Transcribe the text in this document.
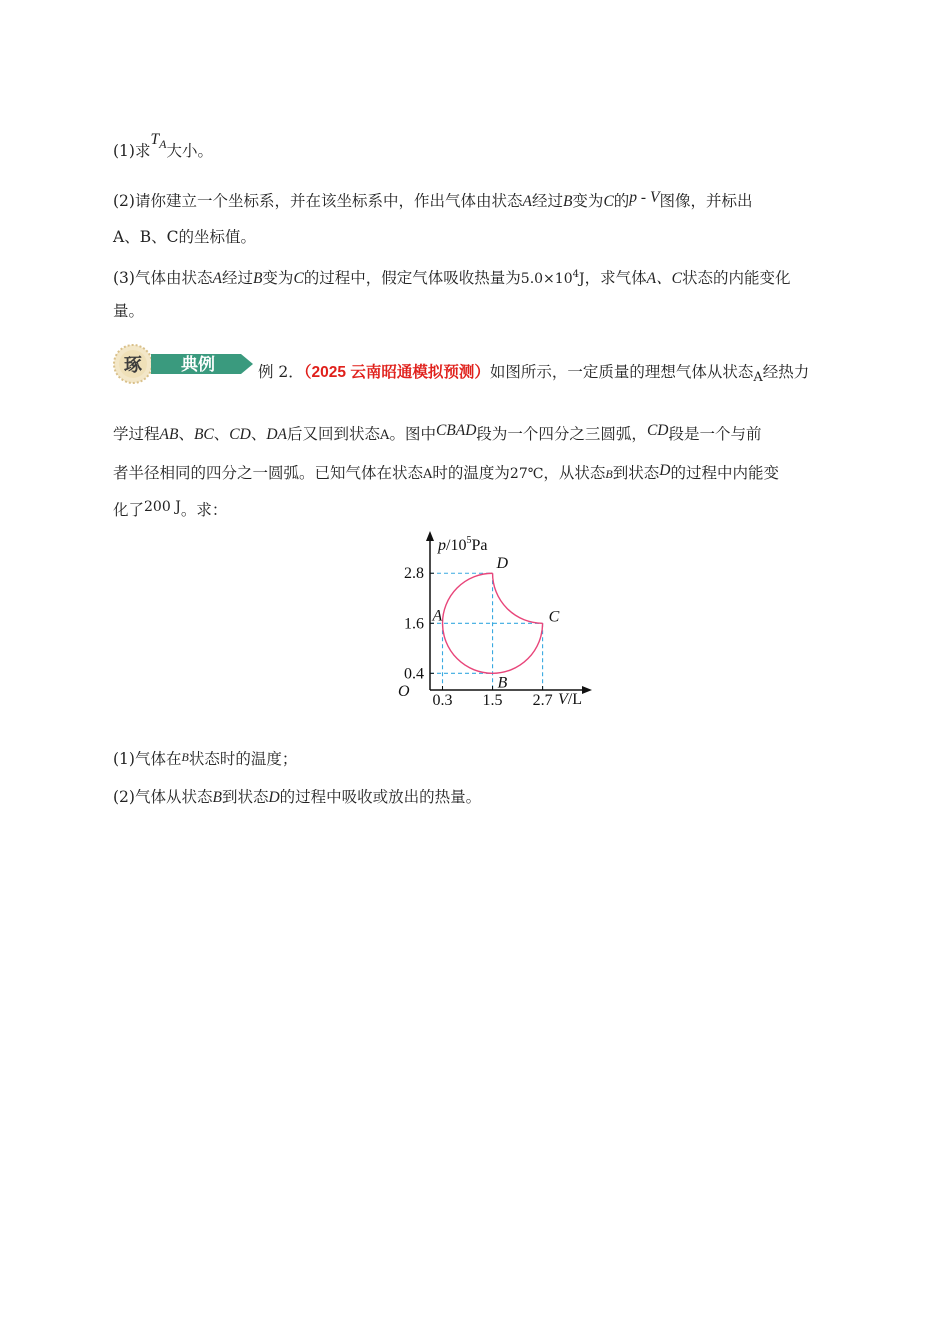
(1)求$T_A$大小。
(2)请你建立一个坐标系，并在该坐标系中，作出气体由状态A经过B变为C的p - V图像，并标出
A、B、C的坐标值。
(3)气体由状态A经过B变为C的过程中，假定气体吸收热量为$5.0\times 10^4J$，求气体A、C状态的内能变化
量。
琢 典例	例 2．（2025 云南昭通模拟预测）如图所示，一定质量的理想气体从状态$_A$经热力
学过程AB、BC、CD、DA后又回到状态A。图中CBAD段为一个四分之三圆弧，CD段是一个与前
者半径相同的四分之一圆弧。已知气体在状态A时的温度为27℃，从状态B到状态D的过程中内能变
化了200 J。求：
O
$p/10^5Pa$
V/L
0.3 1.5 2.7
0.4
1.6
2.8
A
B
C
D
(1)气体在B状态时的温度；
(2)气体从状态B到状态D的过程中吸收或放出的热量。
